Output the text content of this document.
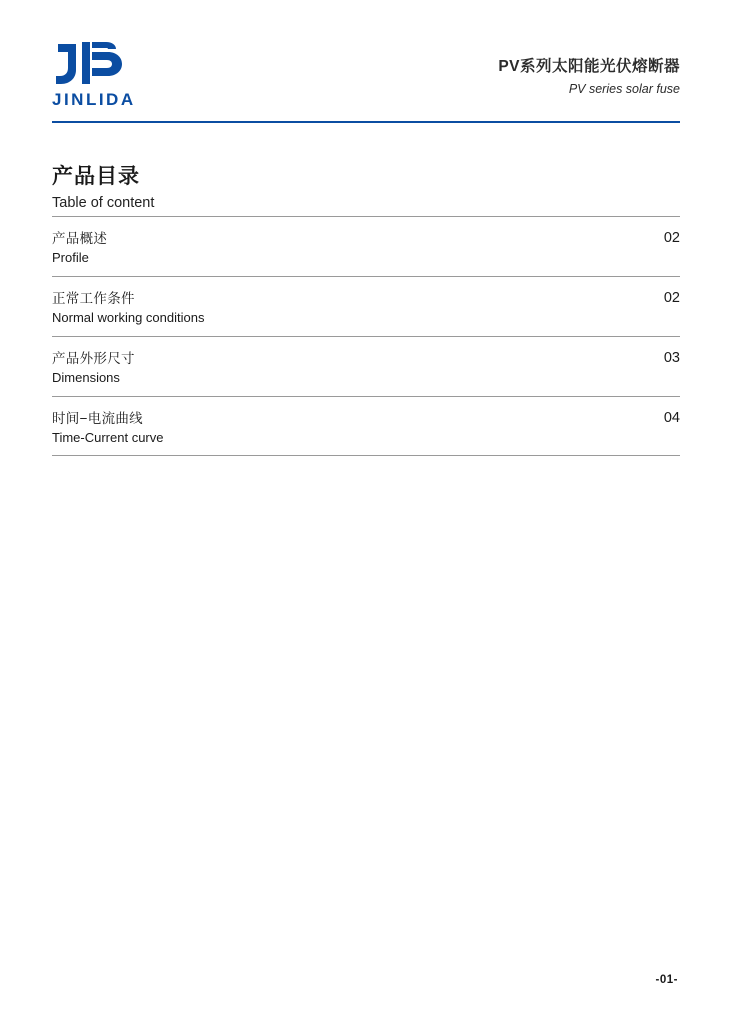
JINLIDA
PV系列太阳能光伏熔断器
PV series solar fuse
产品目录
Table of content
产品概述
Profile
02
正常工作条件
Normal working conditions
02
产品外形尺寸
Dimensions
03
时间−电流曲线
Time-Current curve
04
-01-
